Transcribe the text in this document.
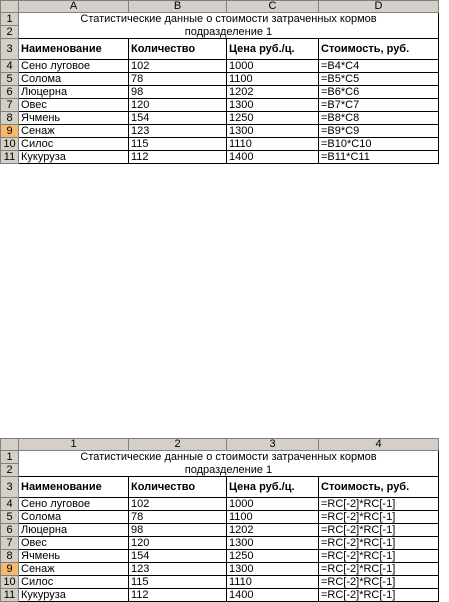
	A	B	C	D
1	Статистические данные о стоимости затраченных кормов			
2	подразделение 1			
3	Наименование	Количество	Цена руб./ц.	Стоимость, руб.
4	Сено луговое	102	1000	=B4*C4
5	Солома	78	1100	=B5*C5
6	Люцерна	98	1202	=B6*C6
7	Овес	120	1300	=B7*C7
8	Ячмень	154	1250	=B8*C8
9	Сенаж	123	1300	=B9*C9
10	Силос	115	1110	=B10*C10
11	Кукуруза	112	1400	=B11*C11
	1	2	3	4
1	Статистические данные о стоимости затраченных кормов			
2	подразделение 1			
3	Наименование	Количество	Цена руб./ц.	Стоимость, руб.
4	Сено луговое	102	1000	=RC[-2]*RC[-1]
5	Солома	78	1100	=RC[-2]*RC[-1]
6	Люцерна	98	1202	=RC[-2]*RC[-1]
7	Овес	120	1300	=RC[-2]*RC[-1]
8	Ячмень	154	1250	=RC[-2]*RC[-1]
9	Сенаж	123	1300	=RC[-2]*RC[-1]
10	Силос	115	1110	=RC[-2]*RC[-1]
11	Кукуруза	112	1400	=RC[-2]*RC[-1]
